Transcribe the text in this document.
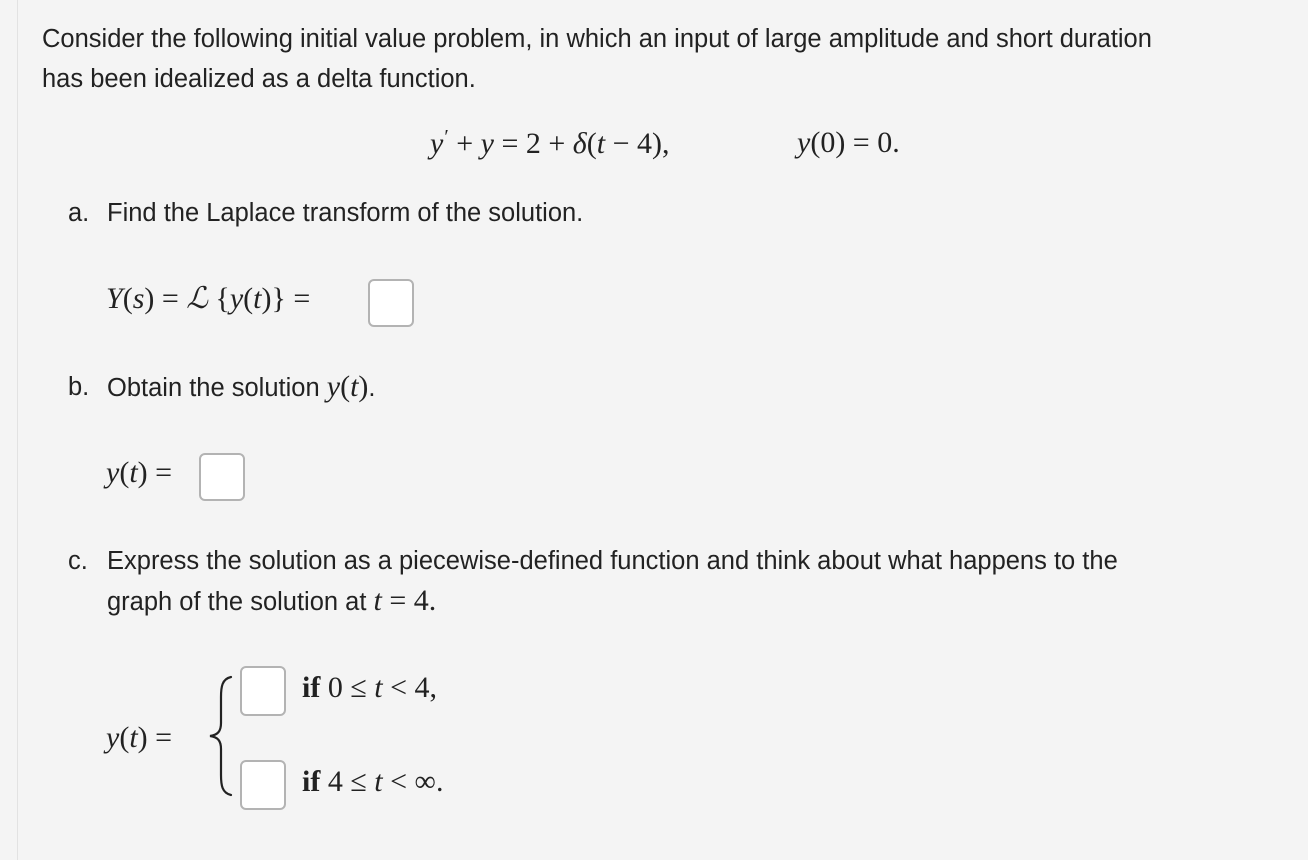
Consider the following initial value problem, in which an input of large amplitude and short duration
has been idealized as a delta function.
y′ + y = 2 + δ(t − 4),	y(0) = 0.
a. Find the Laplace transform of the solution.
Y(s) = ℒ {y(t)} =
b. Obtain the solution y(t).
y(t) =
c. Express the solution as a piecewise-defined function and think about what happens to the
graph of the solution at t = 4.
y(t) =
if 0 ≤ t < 4,
if 4 ≤ t < ∞.
